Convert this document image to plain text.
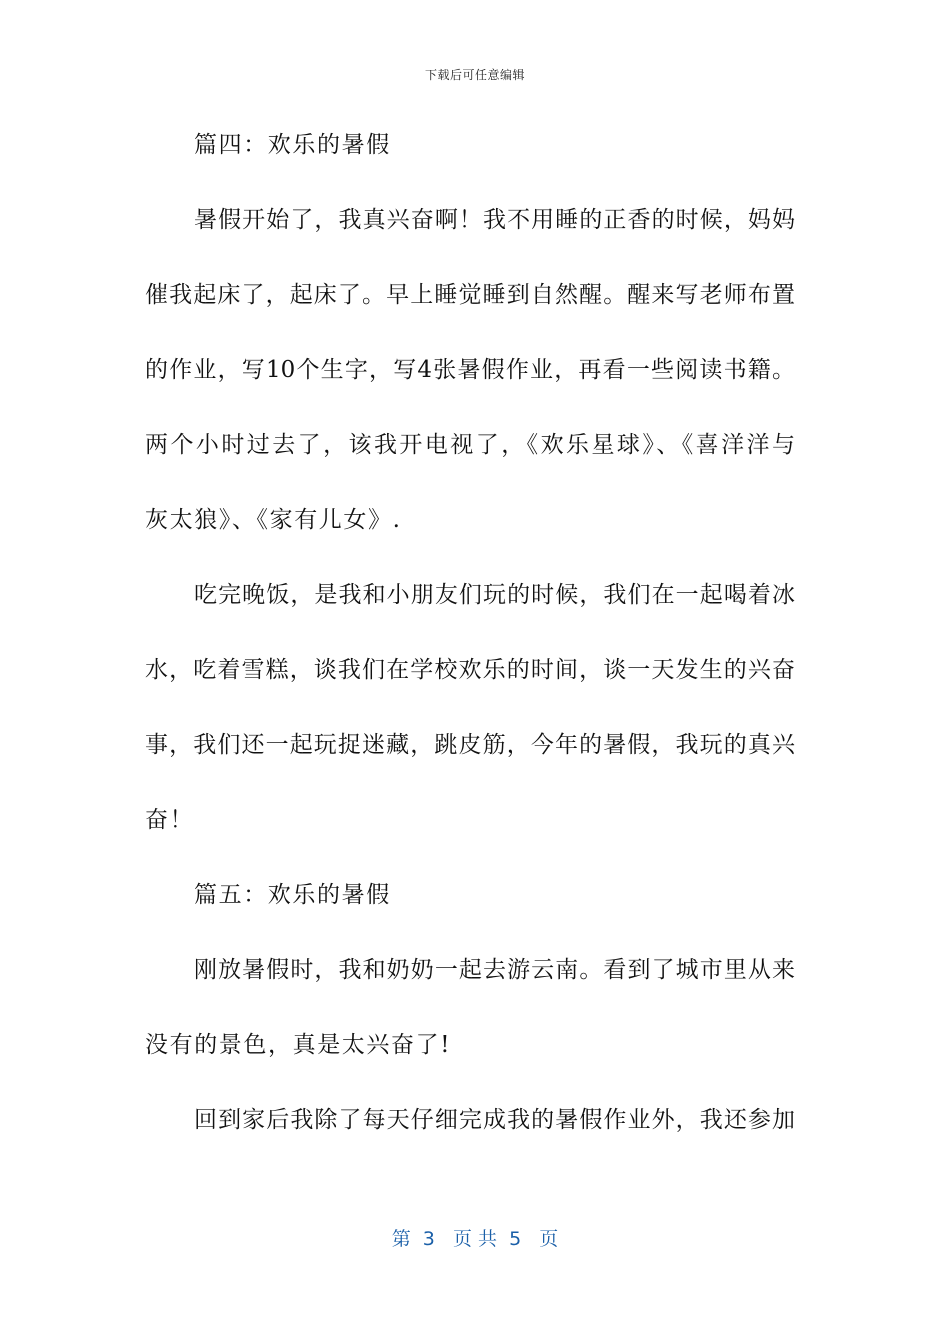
下载后可任意编辑
篇四：欢乐的暑假
暑假开始了，我真兴奋啊！我不用睡的正香的时候，妈妈
催我起床了，起床了。早上睡觉睡到自然醒。醒来写老师布置
的作业，写10个生字，写4张暑假作业，再看一些阅读书籍。
两个小时过去了，该我开电视了，《欢乐星球》、《喜洋洋与
灰太狼》、《家有儿女》.
吃完晚饭，是我和小朋友们玩的时候，我们在一起喝着冰
水，吃着雪糕，谈我们在学校欢乐的时间，谈一天发生的兴奋
事，我们还一起玩捉迷藏，跳皮筋，今年的暑假，我玩的真兴
奋！
篇五：欢乐的暑假
刚放暑假时，我和奶奶一起去游云南。看到了城市里从来
没有的景色，真是太兴奋了!
回到家后我除了每天仔细完成我的暑假作业外，我还参加
第  3   页 共  5   页
